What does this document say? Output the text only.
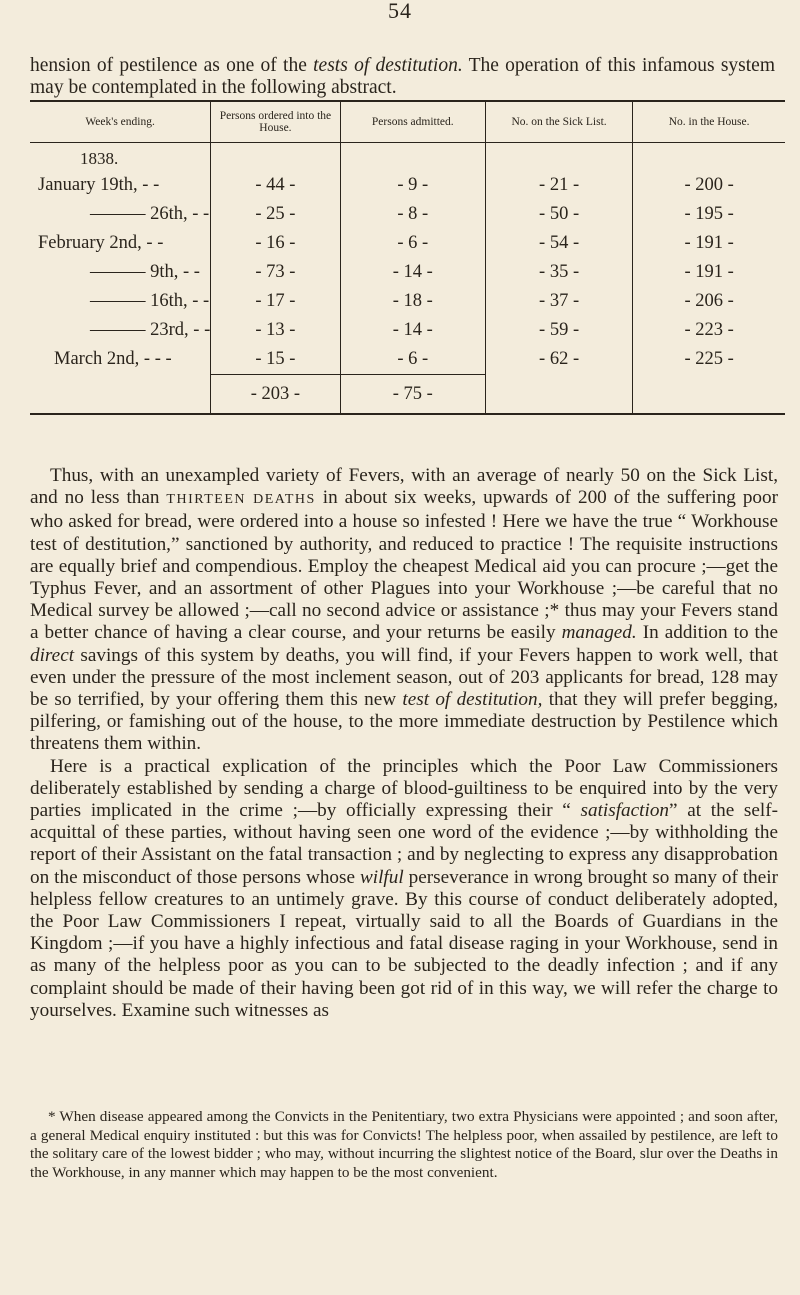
54

hension of pestilence as one of the tests of destitution. The operation of this infamous system may be contemplated in the following abstract.

Week's ending.	Persons ordered into the House.	Persons admitted.	No. on the Sick List.	No. in the House.
1838.				
January 19th, - -	- 44 -	- 9 -	- 21 -	- 200 -
——— 26th, - -	- 25 -	- 8 -	- 50 -	- 195 -
February 2nd, - -	- 16 -	- 6 -	- 54 -	- 191 -
——— 9th, - -	- 73 -	- 14 -	- 35 -	- 191 -
——— 16th, - -	- 17 -	- 18 -	- 37 -	- 206 -
——— 23rd, - -	- 13 -	- 14 -	- 59 -	- 223 -
March 2nd, - - -	- 15 -	- 6 -	- 62 -	- 225 -
	- 203 -	- 75 -		

Thus, with an unexampled variety of Fevers, with an average of nearly 50 on the Sick List, and no less than THIRTEEN DEATHS in about six weeks, upwards of 200 of the suffering poor who asked for bread, were ordered into a house so infested ! Here we have the true “ Workhouse test of destitution,” sanctioned by authority, and reduced to practice ! The requisite instructions are equally brief and compendious. Employ the cheapest Medical aid you can procure ;—get the Typhus Fever, and an assortment of other Plagues into your Workhouse ;—be careful that no Medical survey be allowed ;—call no second advice or assistance ;* thus may your Fevers stand a better chance of having a clear course, and your returns be easily managed. In addition to the direct savings of this system by deaths, you will find, if your Fevers happen to work well, that even under the pressure of the most inclement season, out of 203 applicants for bread, 128 may be so terrified, by your offering them this new test of destitution, that they will prefer begging, pilfering, or famishing out of the house, to the more immediate destruction by Pestilence which threatens them within.

Here is a practical explication of the principles which the Poor Law Commissioners deliberately established by sending a charge of blood-guiltiness to be enquired into by the very parties implicated in the crime ;—by officially expressing their “ satisfaction” at the self-acquittal of these parties, without having seen one word of the evidence ;—by withholding the report of their Assistant on the fatal transaction ; and by neglecting to express any disapprobation on the misconduct of those persons whose wilful perseverance in wrong brought so many of their helpless fellow creatures to an untimely grave. By this course of conduct deliberately adopted, the Poor Law Commissioners I repeat, virtually said to all the Boards of Guardians in the Kingdom ;—if you have a highly infectious and fatal disease raging in your Workhouse, send in as many of the helpless poor as you can to be subjected to the deadly infection ; and if any complaint should be made of their having been got rid of in this way, we will refer the charge to yourselves. Examine such witnesses as

* When disease appeared among the Convicts in the Penitentiary, two extra Physicians were appointed ; and soon after, a general Medical enquiry instituted : but this was for Convicts! The helpless poor, when assailed by pestilence, are left to the solitary care of the lowest bidder ; who may, without incurring the slightest notice of the Board, slur over the Deaths in the Workhouse, in any manner which may happen to be the most convenient.
